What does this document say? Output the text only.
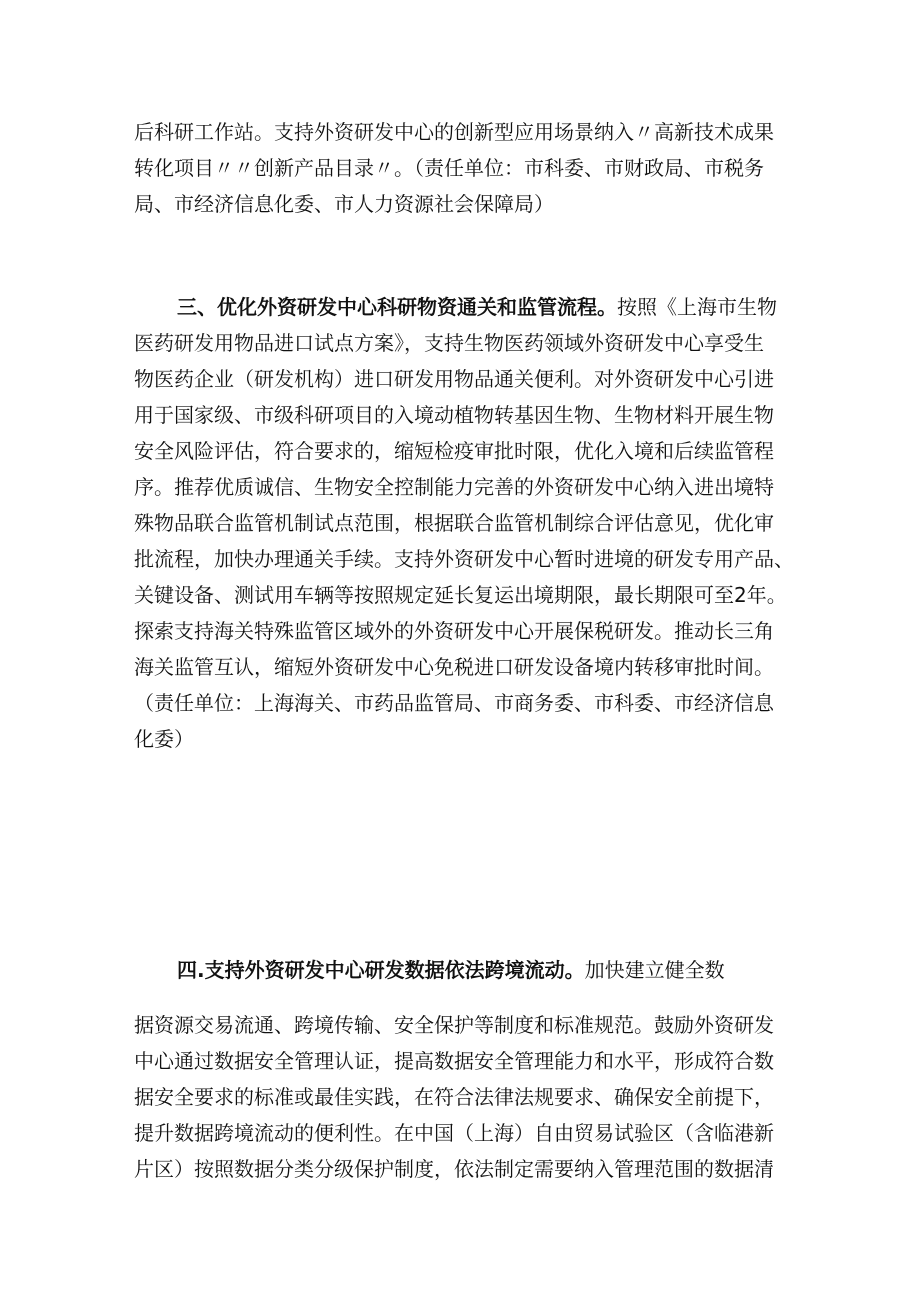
后科研工作站。支持外资研发中心的创新型应用场景纳入〃高新技术成果
转化项目〃〃创新产品目录〃。（责任单位：市科委、市财政局、市税务
局、市经济信息化委、市人力资源社会保障局）
三、优化外资研发中心科研物资通关和监管流程。按照《上海市生物
医药研发用物品进口试点方案》，支持生物医药领域外资研发中心享受生
物医药企业（研发机构）进口研发用物品通关便利。对外资研发中心引进
用于国家级、市级科研项目的入境动植物转基因生物、生物材料开展生物
安全风险评估，符合要求的，缩短检疫审批时限，优化入境和后续监管程
序。推荐优质诚信、生物安全控制能力完善的外资研发中心纳入进出境特
殊物品联合监管机制试点范围，根据联合监管机制综合评估意见，优化审
批流程，加快办理通关手续。支持外资研发中心暂时进境的研发专用产品、
关键设备、测试用车辆等按照规定延长复运出境期限，最长期限可至2年。
探索支持海关特殊监管区域外的外资研发中心开展保税研发。推动长三角
海关监管互认，缩短外资研发中心免税进口研发设备境内转移审批时间。
（责任单位：上海海关、市药品监管局、市商务委、市科委、市经济信息
化委）
四.支持外资研发中心研发数据依法跨境流动。加快建立健全数
据资源交易流通、跨境传输、安全保护等制度和标准规范。鼓励外资研发
中心通过数据安全管理认证，提高数据安全管理能力和水平，形成符合数
据安全要求的标准或最佳实践，在符合法律法规要求、确保安全前提下，
提升数据跨境流动的便利性。在中国（上海）自由贸易试验区（含临港新
片区）按照数据分类分级保护制度，依法制定需要纳入管理范围的数据清
